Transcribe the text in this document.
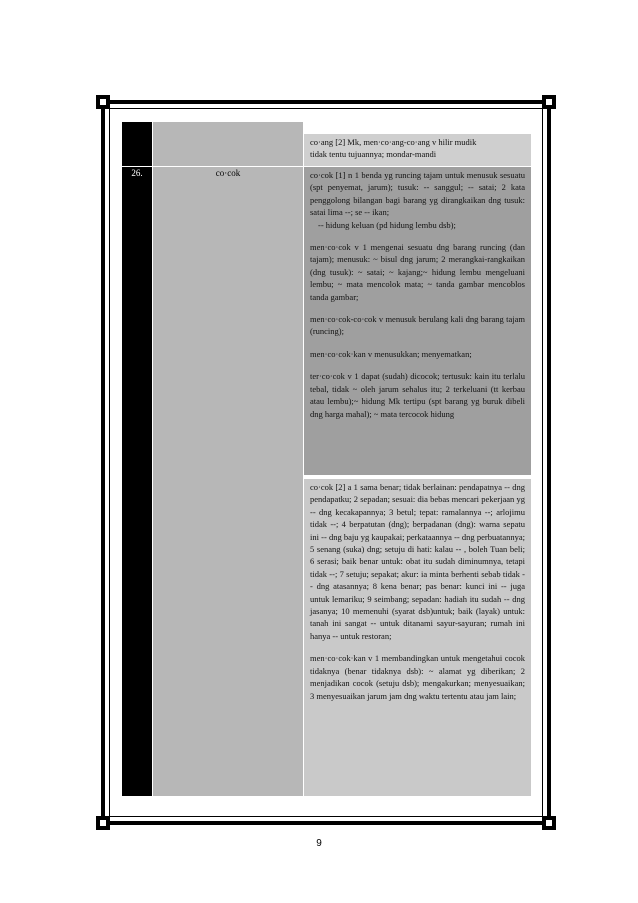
26.	co·cok

co·ang [2] Mk, men·co·ang-co·ang v hilir mudik

tidak tentu tujuannya; mondar-mandi

co·cok [1] n 1 benda yg runcing tajam untuk menusuk sesuatu (spt penyemat, jarum); tusuk: -- sanggul; -- satai; 2 kata penggolong bilangan bagi barang yg dirangkaikan dng tusuk: satai lima --; se -- ikan;

-- hidung keluan (pd hidung lembu dsb);

men·co·cok v 1 mengenai sesuatu dng barang runcing (dan tajam); menusuk: ~ bisul dng jarum; 2 merangkai-rangkaikan (dng tusuk): ~ satai; ~ kajang;~ hidung lembu mengeluani lembu; ~ mata mencolok mata; ~ tanda gambar mencoblos tanda gambar;

men·co·cok-co·cok v menusuk berulang kali dng barang tajam (runcing);

men·co·cok·kan v menusukkan; menyematkan;

ter·co·cok v 1 dapat (sudah) dicocok; tertusuk: kain itu terlalu tebal, tidak ~ oleh jarum sehalus itu; 2 terkeluani (tt kerbau atau lembu);~ hidung Mk tertipu (spt barang yg buruk dibeli dng harga mahal); ~ mata tercocok hidung

co·cok [2] a 1 sama benar; tidak berlainan: pendapatnya -- dng pendapatku; 2 sepadan; sesuai: dia bebas mencari pekerjaan yg -- dng kecakapannya; 3 betul; tepat: ramalannya --; arlojimu tidak --; 4 berpatutan (dng); berpadanan (dng): warna sepatu ini -- dng baju yg kaupakai; perkataannya -- dng perbuatannya; 5 senang (suka) dng; setuju di hati: kalau -- , boleh Tuan beli; 6 serasi; baik benar untuk: obat itu sudah diminumnya, tetapi tidak --; 7 setuju; sepakat; akur: ia minta berhenti sebab tidak -- dng atasannya; 8 kena benar; pas benar: kunci ini -- juga untuk lemariku; 9 seimbang; sepadan: hadiah itu sudah -- dng jasanya; 10 memenuhi (syarat dsb)untuk; baik (layak) untuk: tanah ini sangat -- untuk ditanami sayur-sayuran; rumah ini hanya -- untuk restoran;

men·co·cok·kan v 1 membandingkan untuk mengetahui cocok tidaknya (benar tidaknya dsb): ~ alamat yg diberikan; 2 menjadikan cocok (setuju dsb); mengakurkan; menyesuaikan; 3 menyesuaikan jarum jam dng waktu tertentu atau jam lain;

9
